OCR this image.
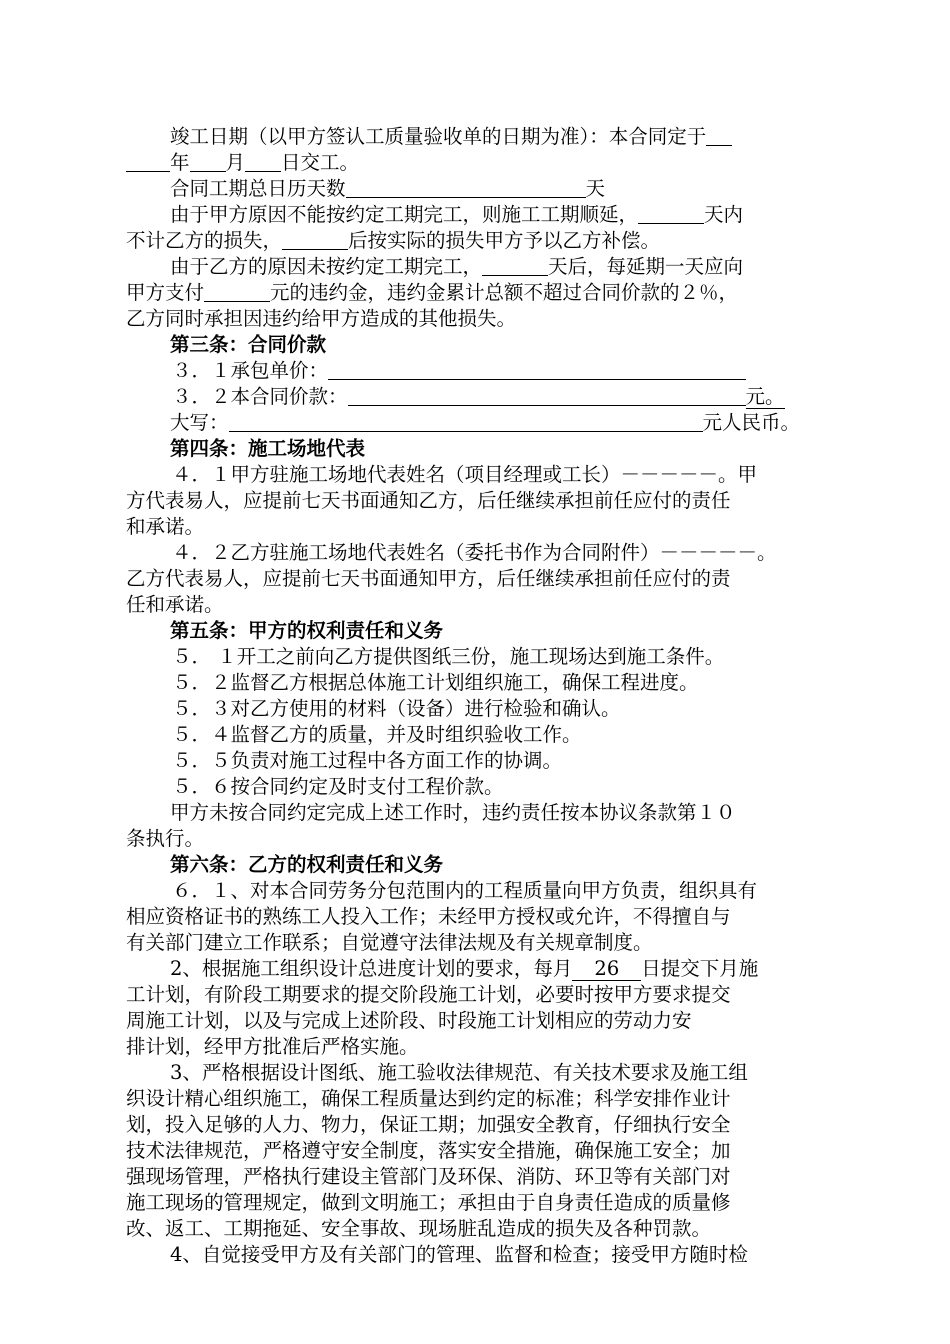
竣工日期（以甲方签认工质量验收单的日期为准）：本合同定于
年 月 日交工。
合同工期总日历天数	天
由于甲方原因不能按约定工期完工，则施工工期顺延，	天内
不计乙方的损失，	后按实际的损失甲方予以乙方补偿。
由于乙方的原因未按约定工期完工，	天后，每延期一天应向
甲方支付	元的违约金，违约金累计总额不超过合同价款的２％，
乙方同时承担因违约给甲方造成的其他损失。
第三条：合同价款
３．１承包单价：
３．２本合同价款：	元。
大写：	元人民币。
第四条：施工场地代表
４．１甲方驻施工场地代表姓名（项目经理或工长）－－－－－。甲
方代表易人，应提前七天书面通知乙方，后任继续承担前任应付的责任
和承诺。
４．２乙方驻施工场地代表姓名（委托书作为合同附件）－－－－－。
乙方代表易人，应提前七天书面通知甲方，后任继续承担前任应付的责
任和承诺。
第五条：甲方的权利责任和义务
５． １开工之前向乙方提供图纸三份，施工现场达到施工条件。
５．２监督乙方根据总体施工计划组织施工，确保工程进度。
５．３对乙方使用的材料（设备）进行检验和确认。
５．４监督乙方的质量，并及时组织验收工作。
５．５负责对施工过程中各方面工作的协调。
５．６按合同约定及时支付工程价款。
甲方未按合同约定完成上述工作时，违约责任按本协议条款第１０
条执行。
第六条：乙方的权利责任和义务
６．１、对本合同劳务分包范围内的工程质量向甲方负责，组织具有
相应资格证书的熟练工人投入工作；未经甲方授权或允许，不得擅自与
有关部门建立工作联系；自觉遵守法律法规及有关规章制度。
2、根据施工组织设计总进度计划的要求，每月 26 日提交下月施
工计划，有阶段工期要求的提交阶段施工计划，必要时按甲方要求提交
周施工计划，以及与完成上述阶段、时段施工计划相应的劳动力安
排计划，经甲方批准后严格实施。
3、严格根据设计图纸、施工验收法律规范、有关技术要求及施工组
织设计精心组织施工，确保工程质量达到约定的标准；科学安排作业计
划，投入足够的人力、物力，保证工期；加强安全教育，仔细执行安全
技术法律规范，严格遵守安全制度，落实安全措施，确保施工安全；加
强现场管理，严格执行建设主管部门及环保、消防、环卫等有关部门对
施工现场的管理规定，做到文明施工；承担由于自身责任造成的质量修
改、返工、工期拖延、安全事故、现场脏乱造成的损失及各种罚款。
4、自觉接受甲方及有关部门的管理、监督和检查；接受甲方随时检
